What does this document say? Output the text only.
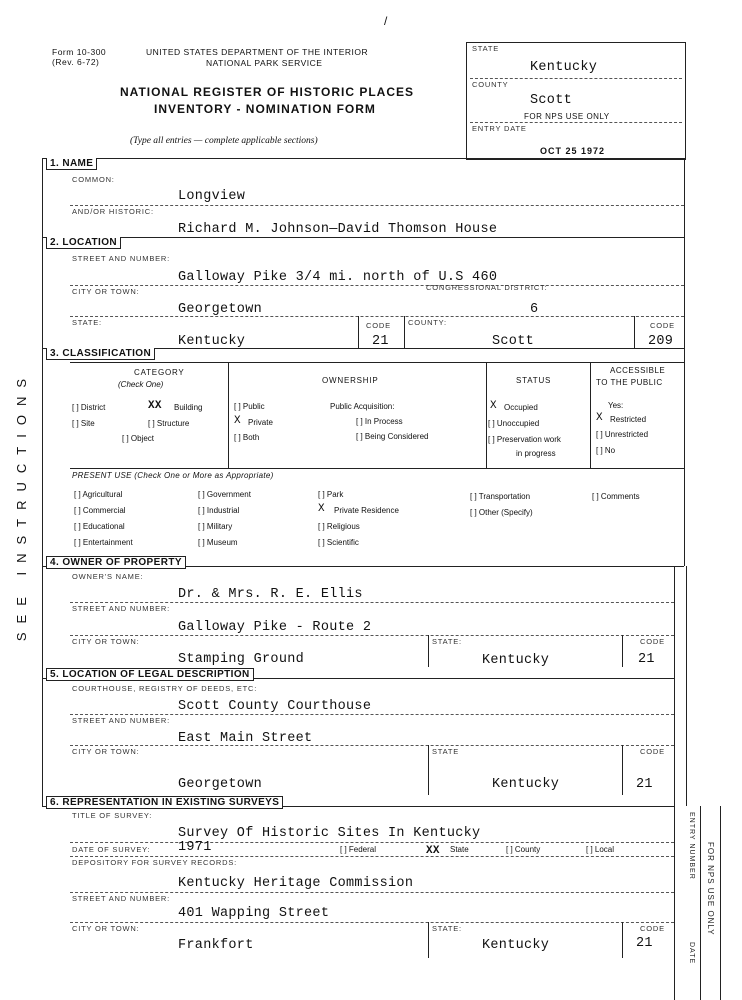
Form 10-300
(Rev. 6-72)
UNITED STATES DEPARTMENT OF THE INTERIOR
NATIONAL PARK SERVICE
NATIONAL REGISTER OF HISTORIC PLACES
INVENTORY - NOMINATION FORM
(Type all entries — complete applicable sections)
STATE
Kentucky
COUNTY
Scott
FOR NPS USE ONLY
ENTRY DATE
OCT 25 1972
/
SEE INSTRUCTIONS
1. NAME
COMMON:
Longview
AND/OR HISTORIC:
Richard M. Johnson—David Thomson House
2. LOCATION
STREET AND NUMBER:
Galloway Pike 3/4 mi. north of U.S 460
CITY OR TOWN:	CONGRESSIONAL DISTRICT:
Georgetown	6
STATE:	CODE COUNTY:	CODE
Kentucky	21	Scott	209
3. CLASSIFICATION
CATEGORY
(Check One)
[ ] District	XX Building
[ ] Site	[ ] Structure
[ ] Object
OWNERSHIP
[ ] Public
X Private
[ ] Both
Public Acquisition:
[ ] In Process
[ ] Being Considered
STATUS
X Occupied
[ ] Unoccupied
[ ] Preservation work
in progress
ACCESSIBLE
TO THE PUBLIC
Yes:
X Restricted
[ ] Unrestricted
[ ] No
PRESENT USE (Check One or More as Appropriate)
[ ] Agricultural
[ ] Commercial
[ ] Educational
[ ] Entertainment
[ ] Government
[ ] Industrial
[ ] Military
[ ] Museum
[ ] Park
X Private Residence
[ ] Religious
[ ] Scientific
[ ] Transportation
[ ] Other (Specify)
[ ] Comments
4. OWNER OF PROPERTY
OWNER'S NAME:
Dr. & Mrs. R. E. Ellis
STREET AND NUMBER:
Galloway Pike - Route 2
CITY OR TOWN:	STATE:	CODE
Stamping Ground	Kentucky	21
5. LOCATION OF LEGAL DESCRIPTION
COURTHOUSE, REGISTRY OF DEEDS, ETC:
Scott County Courthouse
STREET AND NUMBER:
East Main Street
CITY OR TOWN:	STATE	CODE
Georgetown	Kentucky	21
6. REPRESENTATION IN EXISTING SURVEYS
TITLE OF SURVEY:
Survey Of Historic Sites In Kentucky
DATE OF SURVEY: 1971	[ ] Federal	XX State	[ ] County	[ ] Local
DEPOSITORY FOR SURVEY RECORDS:
Kentucky Heritage Commission
STREET AND NUMBER:
401 Wapping Street
CITY OR TOWN:	STATE:	CODE
Frankfort	Kentucky	21
ENTRY NUMBER
DATE
FOR NPS USE ONLY
